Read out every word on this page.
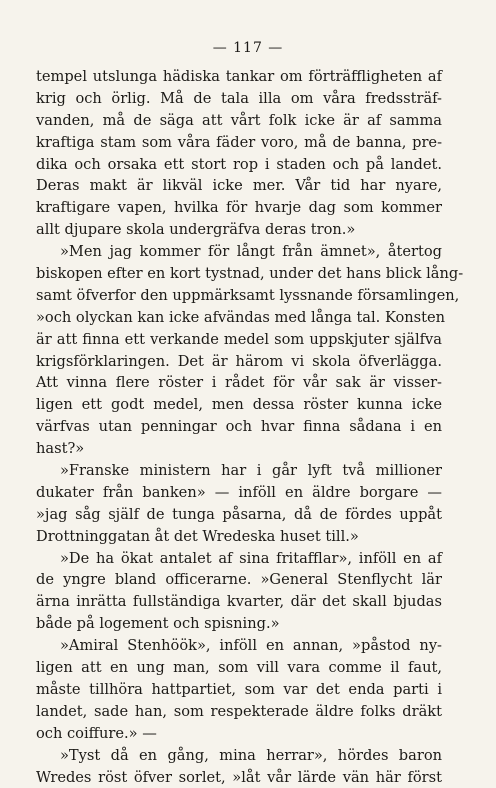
— 117 —
tempel utslunga hädiska tankar om förträffligheten af
krig och örlig. Må de tala illa om våra fredssträf-
vanden, må de säga att vårt folk icke är af samma
kraftiga stam som våra fäder voro, må de banna, pre-
dika och orsaka ett stort rop i staden och på landet.
Deras makt är likväl icke mer. Vår tid har nyare,
kraftigare vapen, hvilka för hvarje dag som kommer
allt djupare skola undergräfva deras tron.»
»Men jag kommer för långt från ämnet», återtog
biskopen efter en kort tystnad, under det hans blick lång-
samt öfverfor den uppmärksamt lyssnande församlingen,
»och olyckan kan icke afvändas med långa tal. Konsten
är att finna ett verkande medel som uppskjuter själfva
krigsförklaringen. Det är härom vi skola öfverlägga.
Att vinna flere röster i rådet för vår sak är visser-
ligen ett godt medel, men dessa röster kunna icke
värfvas utan penningar och hvar finna sådana i en
hast?»
»Franske ministern har i går lyft två millioner
dukater från banken» — inföll en äldre borgare —
»jag såg själf de tunga påsarna, då de fördes uppåt
Drottninggatan åt det Wredeska huset till.»
»De ha ökat antalet af sina fritafflar», inföll en af
de yngre bland officerarne. »General Stenflycht lär
ärna inrätta fullständiga kvarter, där det skall bjudas
både på logement och spisning.»
»Amiral Stenhöök», inföll en annan, »påstod ny-
ligen att en ung man, som vill vara comme il faut,
måste tillhöra hattpartiet, som var det enda parti i
landet, sade han, som respekterade äldre folks dräkt
och coiffure.» —
»Tyst då en gång, mina herrar», hördes baron
Wredes röst öfver sorlet, »låt vår lärde vän här först
